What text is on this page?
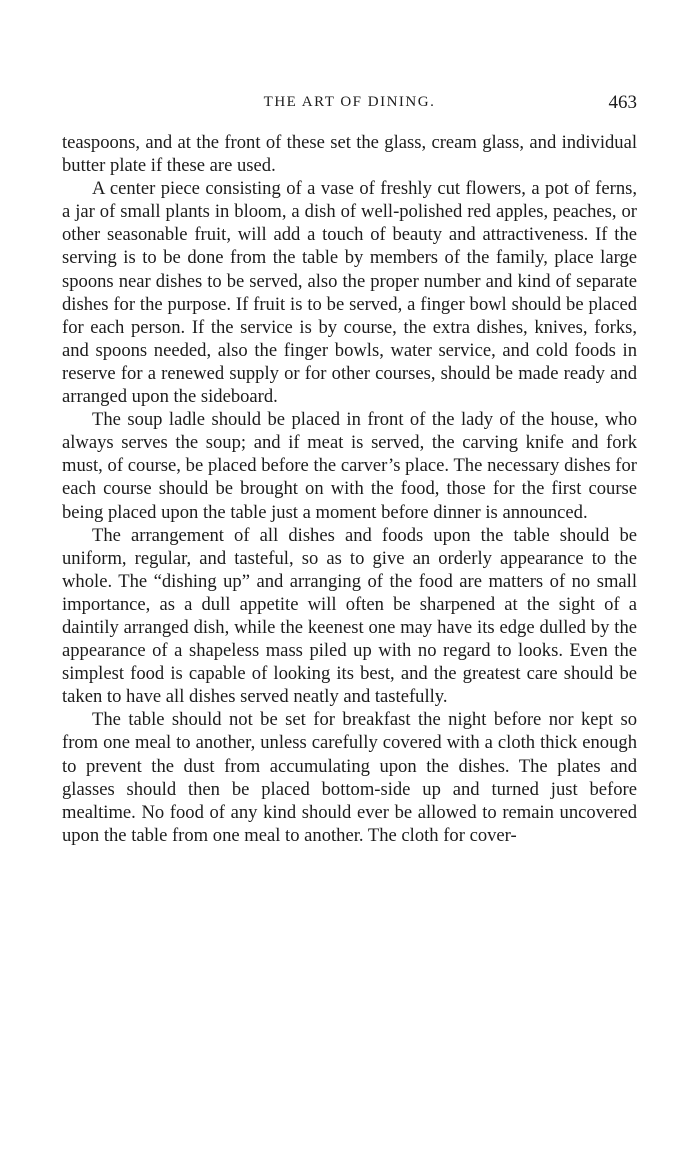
THE ART OF DINING.	463

teaspoons, and at the front of these set the glass, cream glass, and individual butter plate if these are used.

A center piece consisting of a vase of freshly cut flowers, a pot of ferns, a jar of small plants in bloom, a dish of well-polished red apples, peaches, or other seasonable fruit, will add a touch of beauty and attractiveness. If the serving is to be done from the table by members of the family, place large spoons near dishes to be served, also the proper number and kind of separate dishes for the purpose. If fruit is to be served, a finger bowl should be placed for each person. If the service is by course, the extra dishes, knives, forks, and spoons needed, also the finger bowls, water service, and cold foods in reserve for a renewed supply or for other courses, should be made ready and arranged upon the sideboard.

The soup ladle should be placed in front of the lady of the house, who always serves the soup; and if meat is served, the carving knife and fork must, of course, be placed before the carver’s place. The necessary dishes for each course should be brought on with the food, those for the first course being placed upon the table just a moment before dinner is announced.

The arrangement of all dishes and foods upon the table should be uniform, regular, and tasteful, so as to give an orderly appearance to the whole. The “dishing up” and arranging of the food are matters of no small importance, as a dull appetite will often be sharpened at the sight of a daintily arranged dish, while the keenest one may have its edge dulled by the appearance of a shapeless mass piled up with no regard to looks. Even the simplest food is capable of looking its best, and the greatest care should be taken to have all dishes served neatly and tastefully.

The table should not be set for breakfast the night before nor kept so from one meal to another, unless carefully covered with a cloth thick enough to prevent the dust from accumulating upon the dishes. The plates and glasses should then be placed bottom-side up and turned just before mealtime. No food of any kind should ever be allowed to remain uncovered upon the table from one meal to another. The cloth for cover-
